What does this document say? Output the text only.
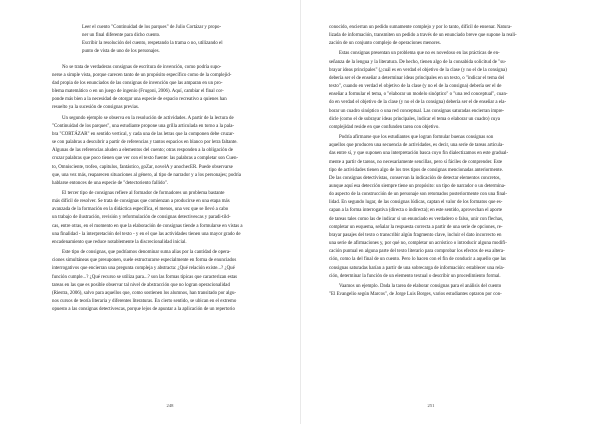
Leer el cuento "Continuidad de los parques" de Julio Cortázar y propo-

ner un final diferente para dicho cuento.

Escribir la resolución del cuento, respetando la trama o no, utilizando el

punto de vista de uno de los personajes.

No se trata de verdaderas consignas de escritura de invención, como podría supo-

nerse a simple vista, porque carecen tanto de un propósito específico como de la complejid-

dad propia de los enunciados de las consignas de invención que las amparan en un pro-

blema matemático o en un juego de ingenio (Frugoni, 2006). Aquí, cambiar el final cor-

ponde más bien a la necesidad de otorgar una especie de espacio recreativo a quienes han

resuelto ya la sucesión de consignas previas.

Un segundo ejemplo se observa en la resolución de actividades. A partir de la lectura de

"Continuidad de los parques", una estudiante propone una grilla articulada en torno a la pala-

bra "CORTÁZAR" en sentido vertical, y cada una de las letras que la componen debe cruzar-

se con palabras a descubrir a partir de referencias y tantos espacios en blanco por letra faltante.

Algunas de las referencias aluden a elementos del cuento; otras responden a la obligación de

cruzar palabras que poco tienen que ver con el texto fuente: las palabras a completar son Cuen-

to, Omnisciente, trofeo, capitulos, fantástico, goZar, novelA y anochecER. Puede observarse

que, una vez más, reaparecen situaciones al género, al tipo de narrador y a los personajes; podría

hablarse entonces de una especie de "detectoriento fallido".

El tercer tipo de consignas refiere al formador de formadores un problema bastante

más difícil de resolver. Se trata de consignas que comienzan a producirse en una etapa más

avanzada de la formación en la didáctica específica, el menos, una vez que se llevó a cabo

un trabajo de ilustración, revisión y reformulación de consignas detectivescas y paradi-tild-

cas, entre otras, en el momento en que la elaboración de consignas tiende a formularse en vistas a

una finalidad - la interpretación del texto - y en el que las actividades tienen una mayor grado de

encadenamiento que reduce notablemente la discrecionalidad inicial.

Este tipo de consignas, que podríamos denominar suma alias por la cantidad de opera-

ciones simultáneas que presuponen, suele estructurarse especialmente en forma de enunciados

interrogativos que encierran una pregunta compleja y abstracta: ¿Qué relación existe...? ¿Qué

función cumple...? ¿Qué recurso se utiliza para...? son las formas típicas que caracterizan estas

tareas en las que es posible observar tal nivel de abstracción que no logran operacionalidad

(Riestra, 2006), salvo para aquellos que, como sostienen los alumnos, han transitado por algu-

nos cursos de teoría literaria y diferentes literaturas. En cierto sentido, se ubican en el extremo

opuesto a las consignas detectivescas, porque lejos de apuntar a la aplicación de un repertorio

248

conocido, encierran un pedido sumamente complejo y por lo tanto, difícil de ensenar. Natura-

lizada de información, transmiten un pedido a través de un enunciado breve que supone la reali-

zación de un conjunto complejo de operaciones menores.

Estas consignas presentan un problema que no es novedoso en las prácticas de en-

señanza de la lengua y la literatura. De hecho, tienen algo de la consabida solicitud de "su-

brayar ideas principales" (¿cuál es en verdad el objetivo de la clase (y no el de la consigna)

debería ser el de enseñar a determinar ideas principales en un texto, o "indicar el tema del

texto", cuando en verdad el objetivo de la clase (y no el de la consigna) debería ser el de

enseñar a formular el tema, o "elaborar un modelo sinóptico" o "una red conceptual", cuan-

do en verdad el objetivo de la clase (y no el de la consigna) debería ser el de enseñar a ela-

borar un cuadro sinóptico o una red conceptual. Las consignas saturadas encierran impre-

dicle (como el de subrayar ideas principales, indicar el tema o elaborar un cuadro) cuya

complejidad reside en que confunden tarea con objetivo.

Podría afirmarse que los estudiantes que logran formular buenas consignas son

aquellos que producen una secuencia de actividades, es decir, una serie de tareas articula-

das entre sí, y que suponen una interpretación basca cuyo fin dialectizamos en este gradual-

mente a partir de tareas, no necesariamente sencillas, pero sí fáciles de comprender. Este

tipo de actividades tienen algo de los tres tipos de consignas mencionadas anteriormente.

De las consignas detectivistas, conservan la indicación de detectar elementos concretos,

aunque aquí esa detección siempre tiene un propósito: un tipo de narrador o un determina-

do aspecto de la construcción de un personaje son retomados posteriormente con una final-

lidad. En segundo lugar, de las consignas lúdicas, captan el valor de los formatos que es-

capan a la forma interrogativa (directa o indirecta); en este sentido, aprovechan el aporte

de tareas tales como las de indicar si un enunciado es verdadero o falso, unir con flechas,

completar un esquema, señalar la respuesta correcta a partir de una serie de opciones, re-

brayar pasajes del texto o transcribir algún fragmento clave, incluir el dato incorrecto en

una serie de afirmaciones y, por qué no, completar un acróstico o introducir alguna modifi-

cación puntual en alguna parte del texto literario para comprobar los efectos de esa altera-

ción, como la del final de un cuento. Pero lo hacen con el fin de conducir a aquello que las

consignas saturadas harían a partir de una sobrecarga de información: establecer una rela-

ción, determinar la función de un elemento textual o describir un procedimiento formal.

Vaamos un ejemplo. Dada la tarea de elaborar consignas para el análisis del cuento

"El Evangelio según Marcos", de Jorge Luis Borges, varios estudiantes optaron por con-

251
